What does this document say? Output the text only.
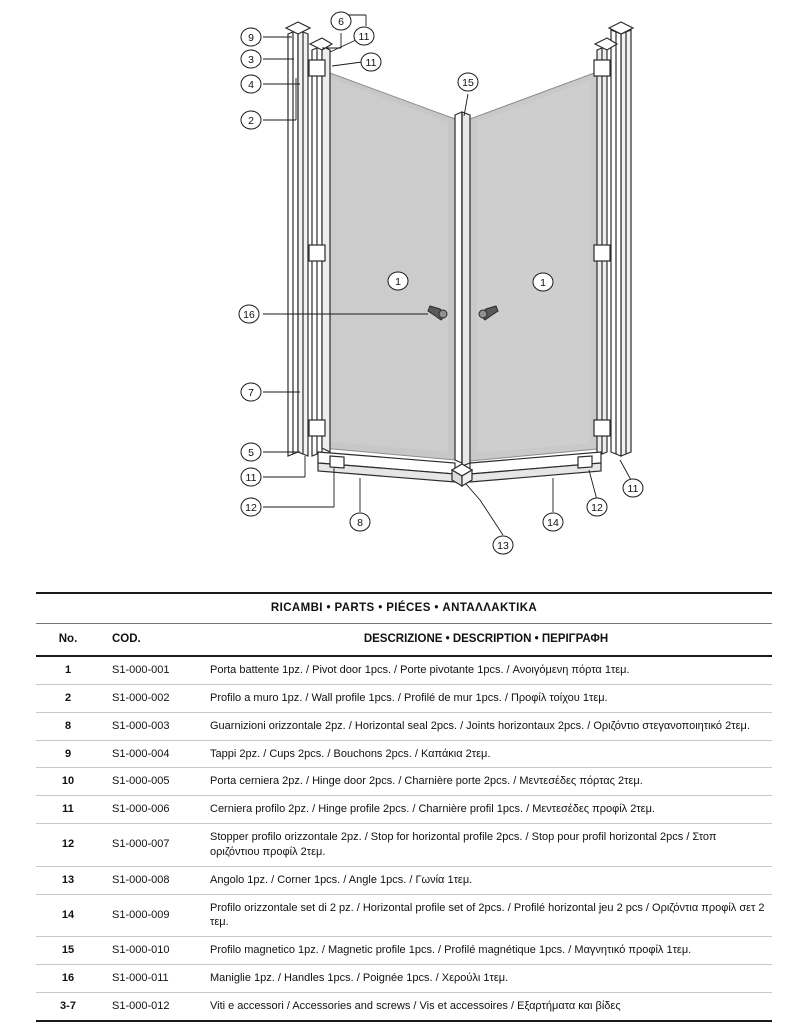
9
3
4
2
6
11
11
15
1	1
16
7
5
11
12
8
13
14
12
11
RICAMBI • PARTS • PIÉCES • ΑΝΤΑΛΛΑΚΤΙΚΑ		
No.	COD.	DESCRIZIONE • DESCRIPTION • ΠΕΡΙΓΡΑΦΗ
1	S1-000-001	Porta battente 1pz. / Pivot door 1pcs. / Porte pivotante 1pcs. / Ανοιγόμενη πόρτα 1τεμ.
2	S1-000-002	Profilo a muro 1pz. / Wall profile 1pcs. / Profilé de mur 1pcs. / Προφίλ τοίχου 1τεμ.
8	S1-000-003	Guarnizioni orizzontale 2pz. / Horizontal seal 2pcs. / Joints horizontaux 2pcs. / Οριζόντιο στεγανοποιητικό 2τεμ.
9	S1-000-004	Tappi 2pz. / Cups 2pcs. / Bouchons 2pcs. / Καπάκια 2τεμ.
10	S1-000-005	Porta cerniera 2pz. / Hinge door 2pcs. / Charnière porte 2pcs. / Μεντεσέδες πόρτας 2τεμ.
11	S1-000-006	Cerniera profilo 2pz. / Hinge profile 2pcs. / Charnière profil 1pcs. / Μεντεσέδες προφίλ 2τεμ.
12	S1-000-007	Stopper profilo orizzontale 2pz. / Stop for horizontal profile 2pcs. / Stop pour profil horizontal 2pcs / Στοπ οριζόντιου προφίλ 2τεμ.
13	S1-000-008	Angolo 1pz. / Corner 1pcs. / Angle 1pcs. / Γωνία 1τεμ.
14	S1-000-009	Profilo orizzontale set di 2 pz. / Horizontal profile set of 2pcs. / Profilé horizontal jeu 2 pcs / Οριζόντια προφίλ σετ 2 τεμ.
15	S1-000-010	Profilo magnetico 1pz. / Magnetic profile 1pcs. / Profilé magnétique 1pcs. / Μαγνητικό προφίλ 1τεμ.
16	S1-000-011	Maniglie 1pz. / Handles 1pcs. / Poignée 1pcs. / Χερούλι 1τεμ.
3-7	S1-000-012	Viti e accessori / Accessories and screws / Vis et accessoires / Εξαρτήματα και βίδες
